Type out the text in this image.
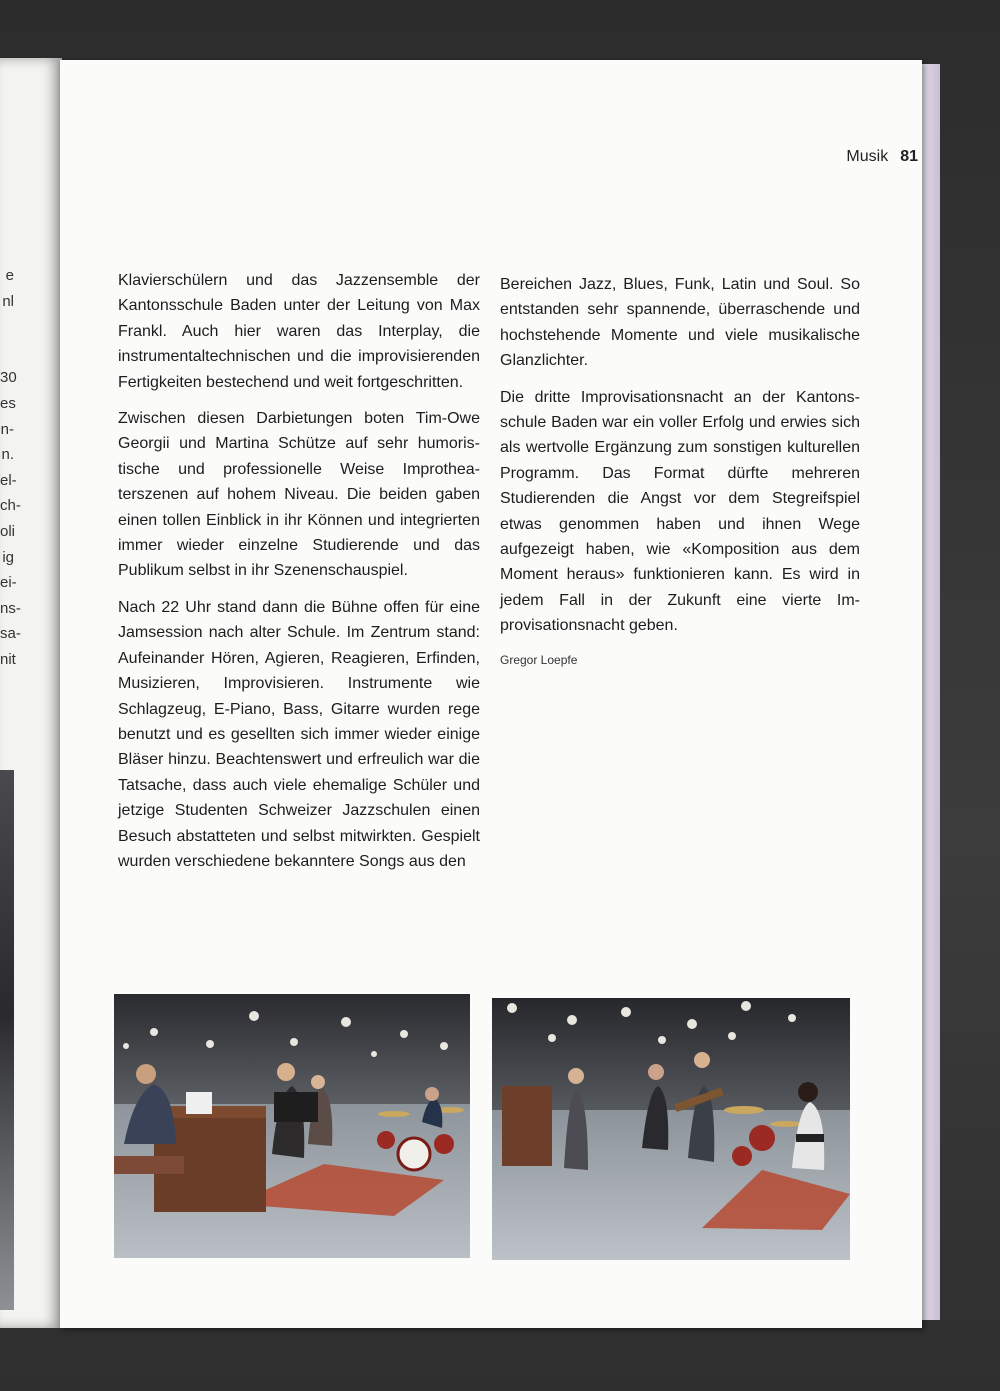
e
nl
30
es
n-
n.
el-
ch-
oli
ig
ei-
ns-
sa-
nit
Musik 81

Klavierschülern und das Jazzensemble der Kantonsschule Baden unter der Leitung von Max Frankl. Auch hier waren das Interplay, die instrumentaltechnischen und die improvisierenden Fertigkeiten bestechend und weit fortgeschritten.

Zwischen diesen Darbietungen boten Tim-Owe Georgii und Martina Schütze auf sehr humoristische und professionelle Weise Improtheaterszenen auf hohem Niveau. Die beiden gaben einen tollen Einblick in ihr Können und integrierten immer wieder einzelne Studierende und das Publikum selbst in ihr Szenenschauspiel.

Nach 22 Uhr stand dann die Bühne offen für eine Jamsession nach alter Schule. Im Zentrum stand: Aufeinander Hören, Agieren, Reagieren, Erfinden, Musizieren, Improvisieren. Instrumente wie Schlagzeug, E-Piano, Bass, Gitarre wurden rege benutzt und es gesellten sich immer wieder einige Bläser hinzu. Beachtenswert und erfreulich war die Tatsache, dass auch viele ehemalige Schüler und jetzige Studenten Schweizer Jazzschulen einen Besuch abstatteten und selbst mitwirkten. Gespielt wurden verschiedene bekanntere Songs aus den

Bereichen Jazz, Blues, Funk, Latin und Soul. So entstanden sehr spannende, überraschende und hochstehende Momente und viele musikalische Glanzlichter.

Die dritte Improvisationsnacht an der Kantonsschule Baden war ein voller Erfolg und erwies sich als wertvolle Ergänzung zum sonstigen kulturellen Programm. Das Format dürfte mehreren Studierenden die Angst vor dem Stegreifspiel etwas genommen haben und ihnen Wege aufgezeigt haben, wie «Komposition aus dem Moment heraus» funktionieren kann. Es wird in jedem Fall in der Zukunft eine vierte Improvisationsnacht geben.

Gregor Loepfe
